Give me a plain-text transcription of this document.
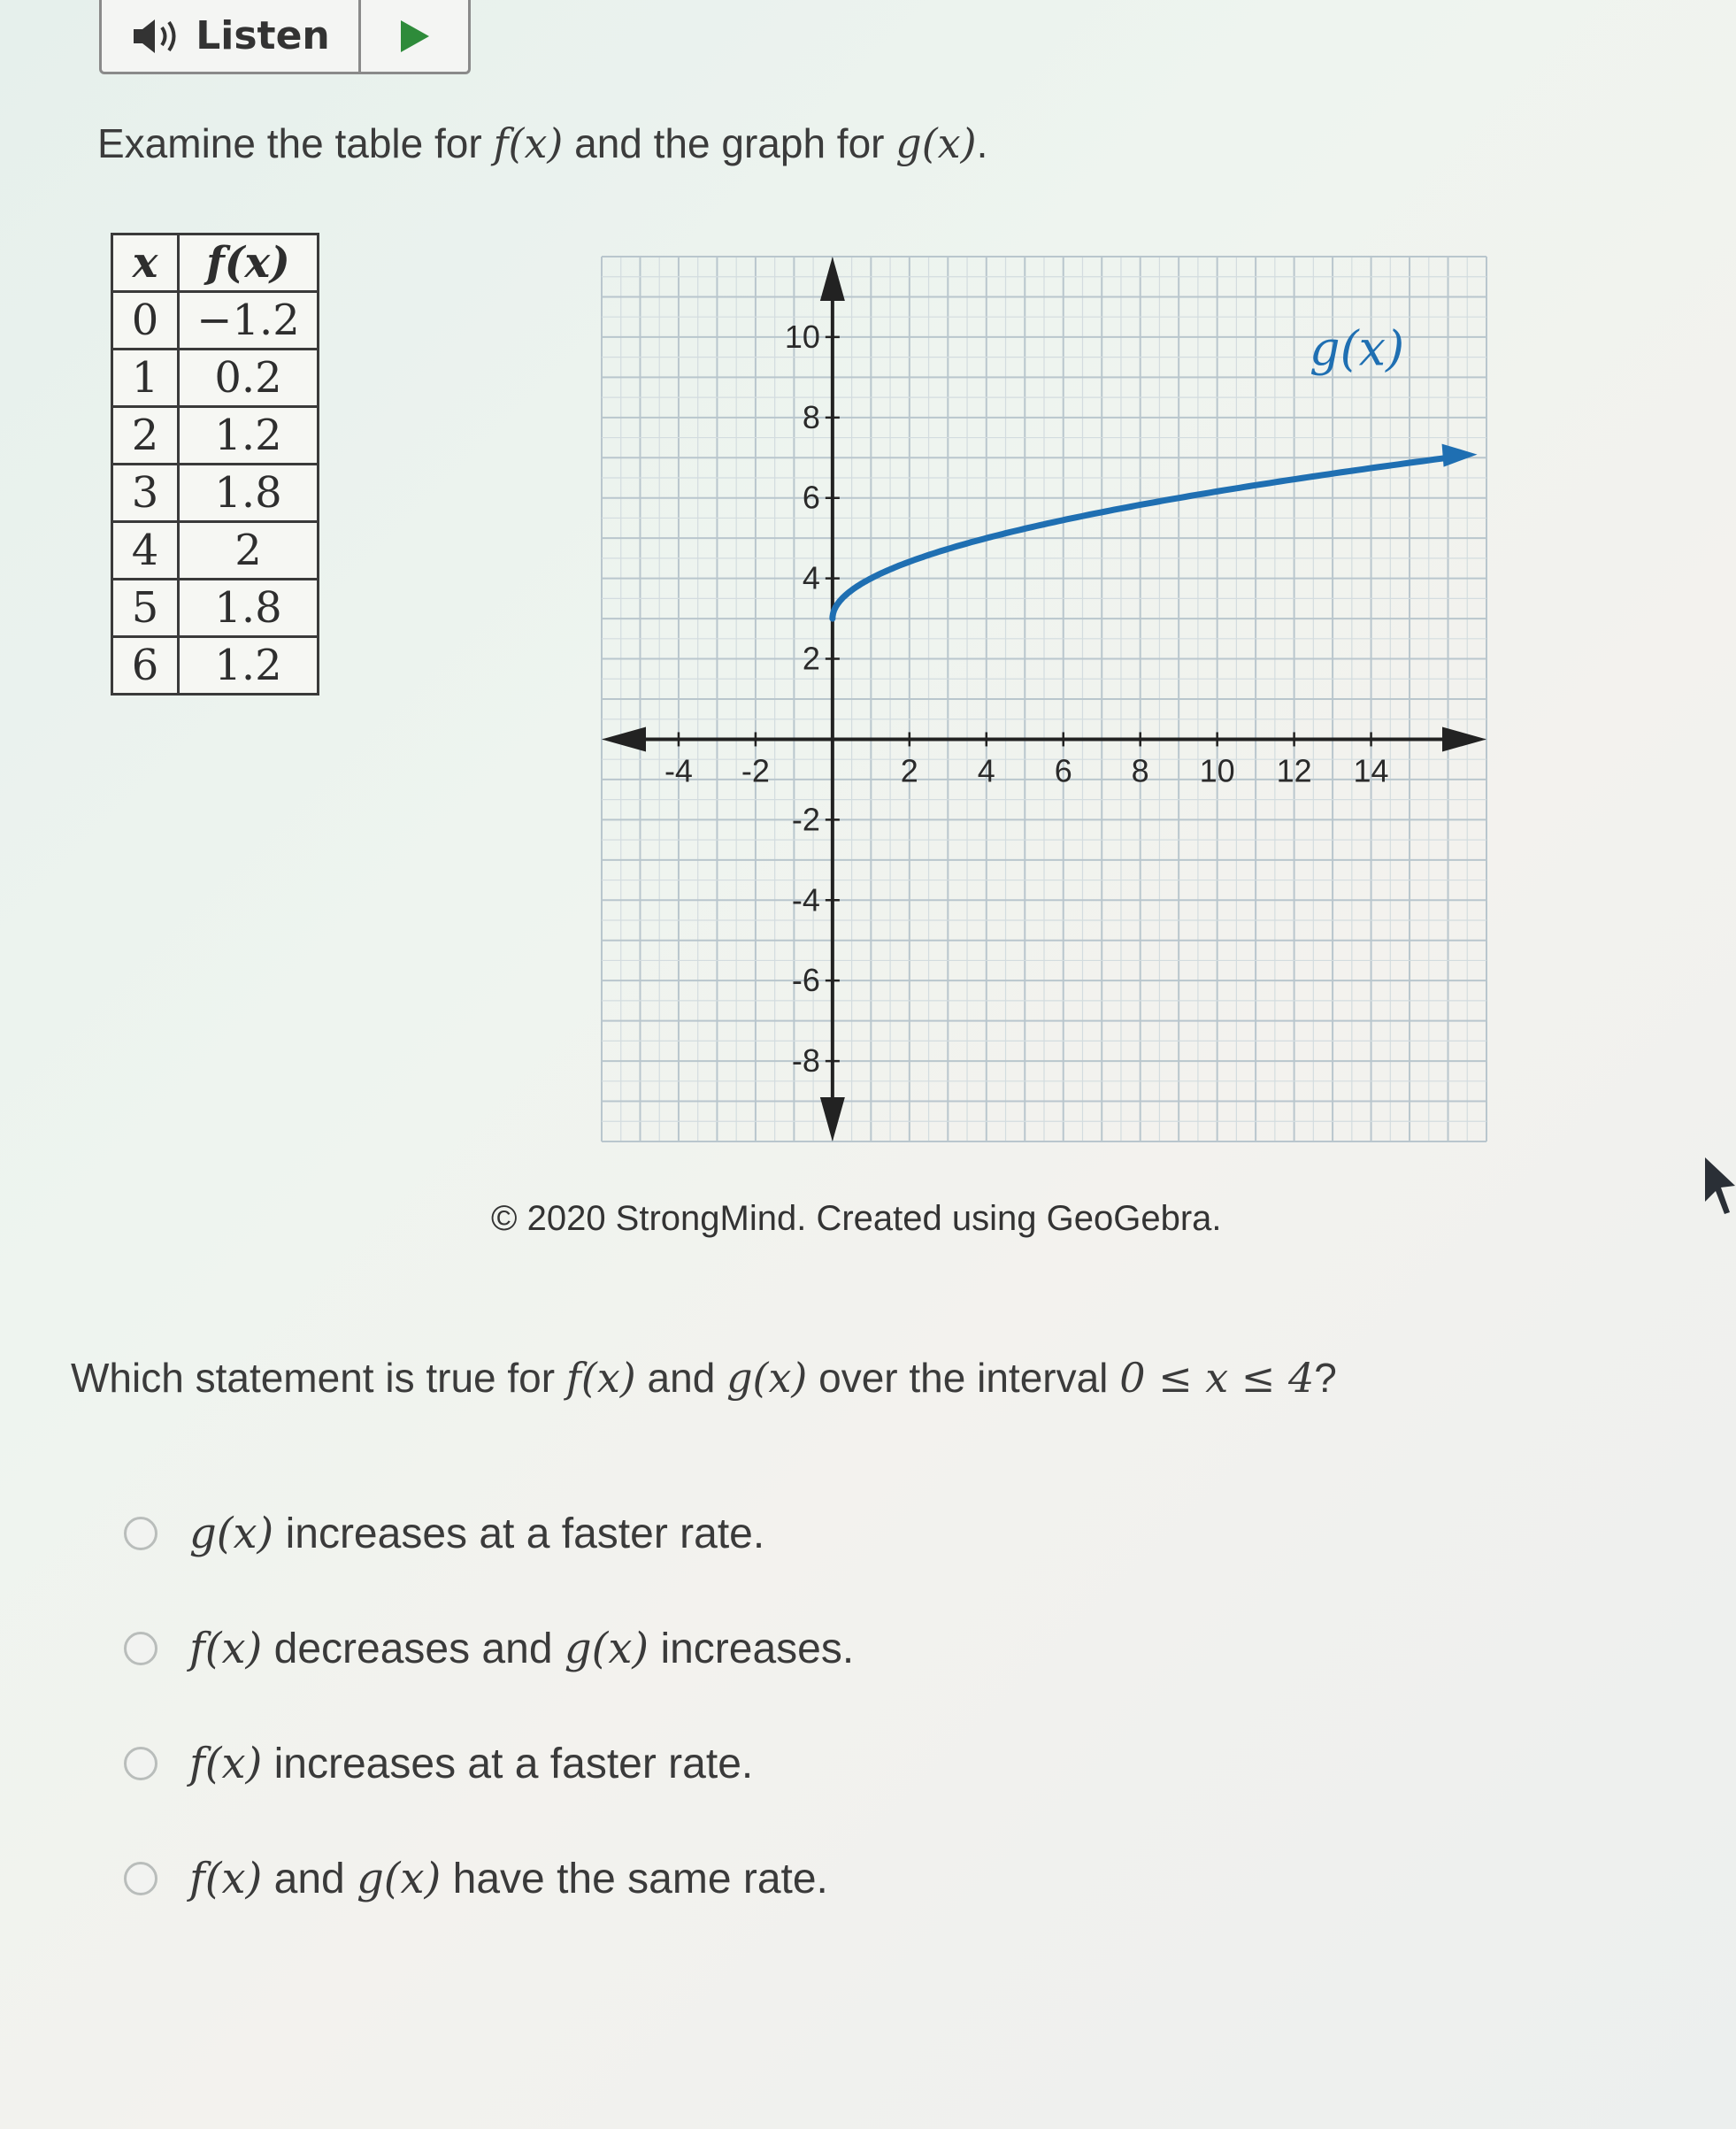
Listen
Examine the table for f(x) and the graph for g(x).
x	f(x)
0	−1.2
1	0.2
2	1.2
3	1.8
4	2
5	1.8
6	1.2
-4 -2	2 4 6 8 10 12 14
10
8
6
4
2
-2
-4
-6
-8
g(x)
© 2020 StrongMind. Created using GeoGebra.
Which statement is true for f(x) and g(x) over the interval 0 ≤ x ≤ 4?
g(x) increases at a faster rate.
f(x) decreases and g(x) increases.
f(x) increases at a faster rate.
f(x) and g(x) have the same rate.
